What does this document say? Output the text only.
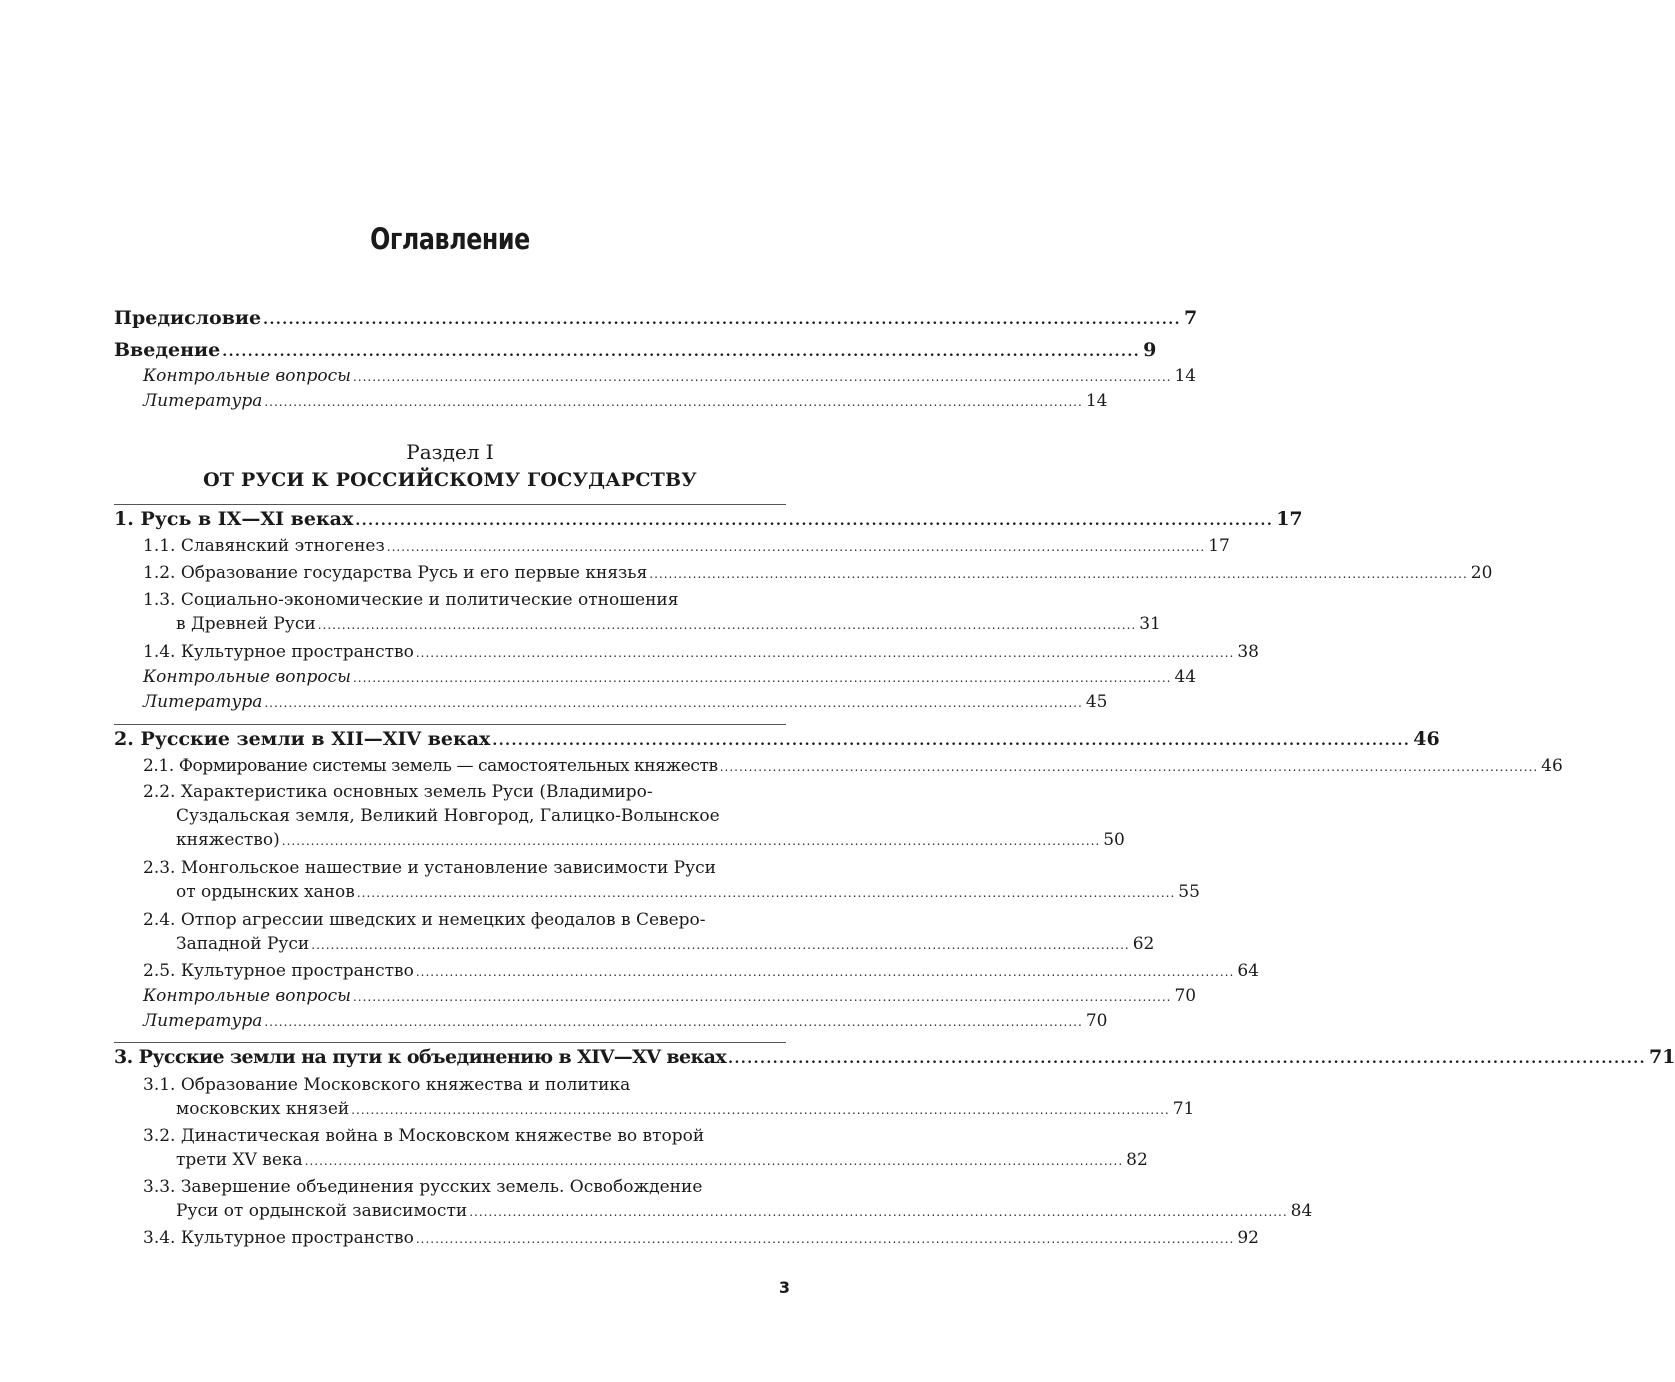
Оглавление
Предисловие ................................................................................................................................................ 7
Введение ................................................................................................................................................ 9
Контрольные вопросы .......................................................................................................................................................................... 14
Литература .......................................................................................................................................................................... 14
Раздел I
ОТ РУСИ К РОССИЙСКОМУ ГОСУДАРСТВУ
1. Русь в IX—XI веках ................................................................................................................................................ 17
1.1. Славянский этногенез .......................................................................................................................................................................... 17
1.2. Образование государства Русь и его первые князья .......................................................................................................................................................................... 20
1.3. Социально-экономические и политические отношения
в Древней Руси .......................................................................................................................................................................... 31
1.4. Культурное пространство .......................................................................................................................................................................... 38
Контрольные вопросы .......................................................................................................................................................................... 44
Литература .......................................................................................................................................................................... 45
2. Русские земли в XII—XIV веках ................................................................................................................................................ 46
2.1. Формирование системы земель — самостоятельных княжеств .......................................................................................................................................................................... 46
2.2. Характеристика основных земель Руси (Владимиро-
Суздальская земля, Великий Новгород, Галицко-Волынское
княжество) .......................................................................................................................................................................... 50
2.3. Монгольское нашествие и установление зависимости Руси
от ордынских ханов .......................................................................................................................................................................... 55
2.4. Отпор агрессии шведских и немецких феодалов в Северо-
Западной Руси .......................................................................................................................................................................... 62
2.5. Культурное пространство .......................................................................................................................................................................... 64
Контрольные вопросы .......................................................................................................................................................................... 70
Литература .......................................................................................................................................................................... 70
3. Русские земли на пути к объединению в XIV—XV веках ................................................................................................................................................ 71
3.1. Образование Московского княжества и политика
московских князей .......................................................................................................................................................................... 71
3.2. Династическая война в Московском княжестве во второй
трети XV века .......................................................................................................................................................................... 82
3.3. Завершение объединения русских земель. Освобождение
Руси от ордынской зависимости .......................................................................................................................................................................... 84
3.4. Культурное пространство .......................................................................................................................................................................... 92
3
